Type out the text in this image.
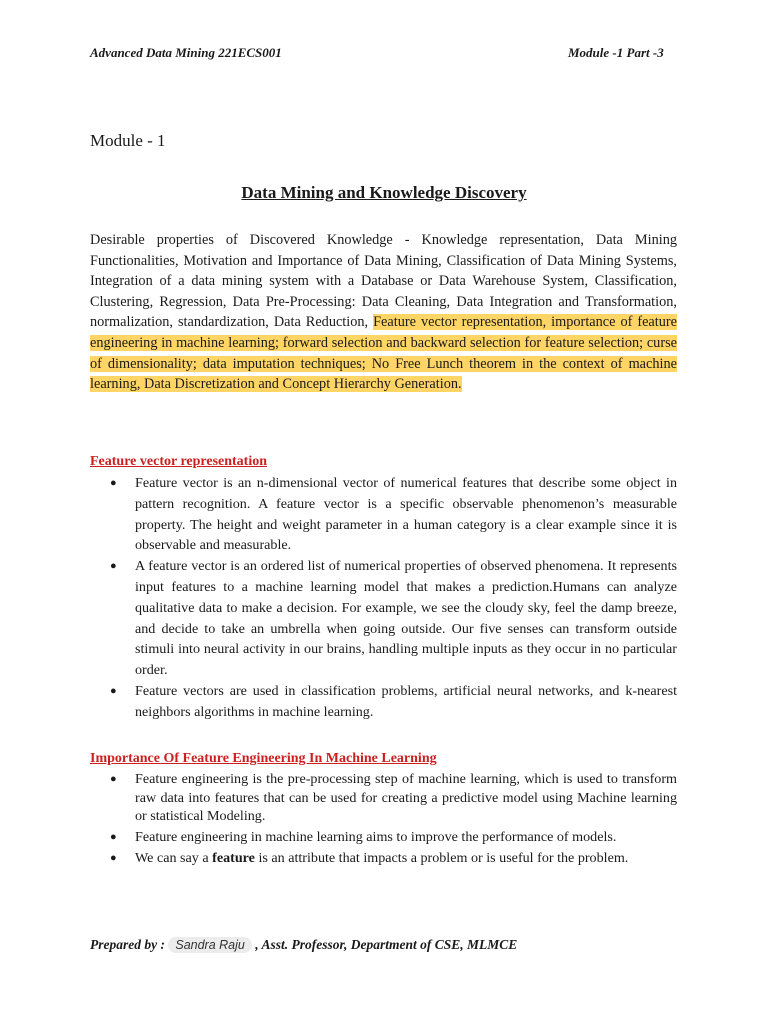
Advanced Data Mining 221ECS001	Module -1 Part -3
Module - 1
Data Mining and Knowledge Discovery

Desirable properties of Discovered Knowledge - Knowledge representation, Data Mining Functionalities, Motivation and Importance of Data Mining, Classification of Data Mining Systems, Integration of a data mining system with a Database or Data Warehouse System, Classification, Clustering, Regression, Data Pre-Processing: Data Cleaning, Data Integration and Transformation, normalization, standardization, Data Reduction, Feature vector representation, importance of feature engineering in machine learning; forward selection and backward selection for feature selection; curse of dimensionality; data imputation techniques; No Free Lunch theorem in the context of machine learning, Data Discretization and Concept Hierarchy Generation.

Feature vector representation
● Feature vector is an n-dimensional vector of numerical features that describe some object in pattern recognition. A feature vector is a specific observable phenomenon’s measurable property. The height and weight parameter in a human category is a clear example since it is observable and measurable.
● A feature vector is an ordered list of numerical properties of observed phenomena. It represents input features to a machine learning model that makes a prediction.Humans can analyze qualitative data to make a decision. For example, we see the cloudy sky, feel the damp breeze, and decide to take an umbrella when going outside. Our five senses can transform outside stimuli into neural activity in our brains, handling multiple inputs as they occur in no particular order.
● Feature vectors are used in classification problems, artificial neural networks, and k-nearest neighbors algorithms in machine learning.
Importance Of Feature Engineering In Machine Learning
● Feature engineering is the pre-processing step of machine learning, which is used to transform raw data into features that can be used for creating a predictive model using Machine learning or statistical Modeling.
● Feature engineering in machine learning aims to improve the performance of models.
● We can say a feature is an attribute that impacts a problem or is useful for the problem.
Prepared by : Sandra Raju , Asst. Professor, Department of CSE, MLMCE
